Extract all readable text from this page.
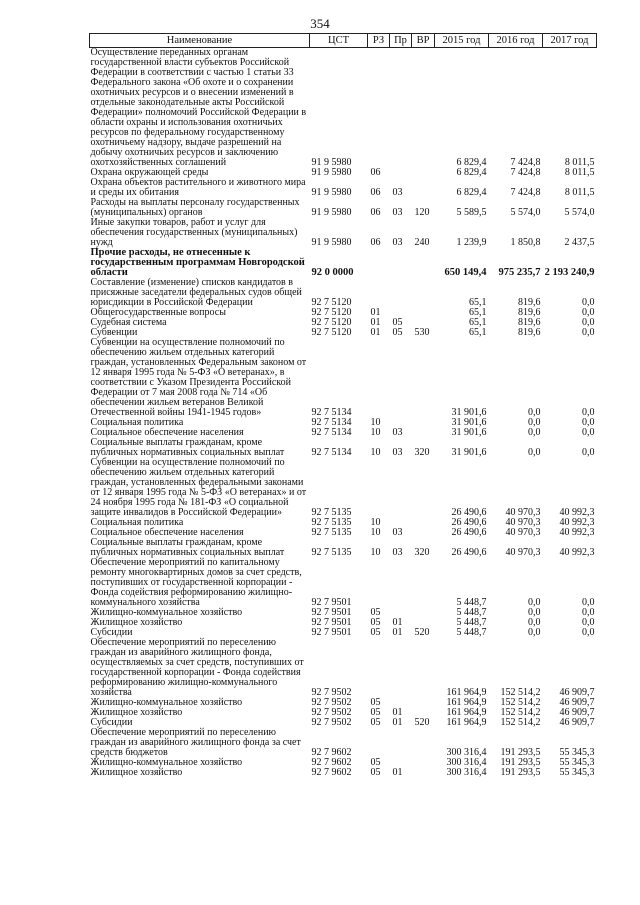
354
Наименование	ЦСТ	РЗ	Пр	ВР	2015 год	2016 год	2017 год
Осуществление переданных органам государственной власти субъектов Российской Федерации в соответствии с частью 1 статьи 33 Федерального закона «Об охоте и о сохранении охотничьих ресурсов и о внесении изменений в отдельные законодательные акты Российской Федерации» полномочий Российской Федерации в области охраны и использования охотничьих ресурсов по федеральному государственному охотничьему надзору, выдаче разрешений на добычу охотничьих ресурсов и заключению охотхозяйственных соглашений	91 9 5980				6 829,4	7 424,8	8 011,5
Охрана окружающей среды	91 9 5980	06			6 829,4	7 424,8	8 011,5
Охрана объектов растительного и животного мира и среды их обитания	91 9 5980	06	03		6 829,4	7 424,8	8 011,5
Расходы на выплаты персоналу государственных (муниципальных) органов	91 9 5980	06	03	120	5 589,5	5 574,0	5 574,0
Иные закупки товаров, работ и услуг для обеспечения государственных (муниципальных) нужд	91 9 5980	06	03	240	1 239,9	1 850,8	2 437,5
Прочие расходы, не отнесенные к государственным программам Новгородской области	92 0 0000				650 149,4	975 235,7	2 193 240,9
Составление (изменение) списков кандидатов в присяжные заседатели федеральных судов общей юрисдикции в Российской Федерации	92 7 5120				65,1	819,6	0,0
Общегосударственные вопросы	92 7 5120	01			65,1	819,6	0,0
Судебная система	92 7 5120	01	05		65,1	819,6	0,0
Субвенции	92 7 5120	01	05	530	65,1	819,6	0,0
Субвенции на осуществление полномочий по обеспечению жильем отдельных категорий граждан, установленных Федеральным законом от 12 января 1995 года № 5-ФЗ «О ветеранах», в соответствии с Указом Президента Российской Федерации от 7 мая 2008 года № 714 «Об обеспечении жильем ветеранов Великой Отечественной войны 1941-1945 годов»	92 7 5134				31 901,6	0,0	0,0
Социальная политика	92 7 5134	10			31 901,6	0,0	0,0
Социальное обеспечение населения	92 7 5134	10	03		31 901,6	0,0	0,0
Социальные выплаты гражданам, кроме публичных нормативных социальных выплат	92 7 5134	10	03	320	31 901,6	0,0	0,0
Субвенции на осуществление полномочий по обеспечению жильем отдельных категорий граждан, установленных федеральными законами от 12 января 1995 года № 5-ФЗ «О ветеранах» и от 24 ноября 1995 года № 181-ФЗ «О социальной защите инвалидов в Российской Федерации»	92 7 5135				26 490,6	40 970,3	40 992,3
Социальная политика	92 7 5135	10			26 490,6	40 970,3	40 992,3
Социальное обеспечение населения	92 7 5135	10	03		26 490,6	40 970,3	40 992,3
Социальные выплаты гражданам, кроме публичных нормативных социальных выплат	92 7 5135	10	03	320	26 490,6	40 970,3	40 992,3
Обеспечение мероприятий по капитальному ремонту многоквартирных домов за счет средств, поступивших от государственной корпорации - Фонда содействия реформированию жилищно-коммунального хозяйства	92 7 9501				5 448,7	0,0	0,0
Жилищно-коммунальное хозяйство	92 7 9501	05			5 448,7	0,0	0,0
Жилищное хозяйство	92 7 9501	05	01		5 448,7	0,0	0,0
Субсидии	92 7 9501	05	01	520	5 448,7	0,0	0,0
Обеспечение мероприятий по переселению граждан из аварийного жилищного фонда, осуществляемых за счет средств, поступивших от государственной корпорации - Фонда содействия реформированию жилищно-коммунального хозяйства	92 7 9502				161 964,9	152 514,2	46 909,7
Жилищно-коммунальное хозяйство	92 7 9502	05			161 964,9	152 514,2	46 909,7
Жилищное хозяйство	92 7 9502	05	01		161 964,9	152 514,2	46 909,7
Субсидии	92 7 9502	05	01	520	161 964,9	152 514,2	46 909,7
Обеспечение мероприятий по переселению граждан из аварийного жилищного фонда за счет средств бюджетов	92 7 9602				300 316,4	191 293,5	55 345,3
Жилищно-коммунальное хозяйство	92 7 9602	05			300 316,4	191 293,5	55 345,3
Жилищное хозяйство	92 7 9602	05	01		300 316,4	191 293,5	55 345,3
